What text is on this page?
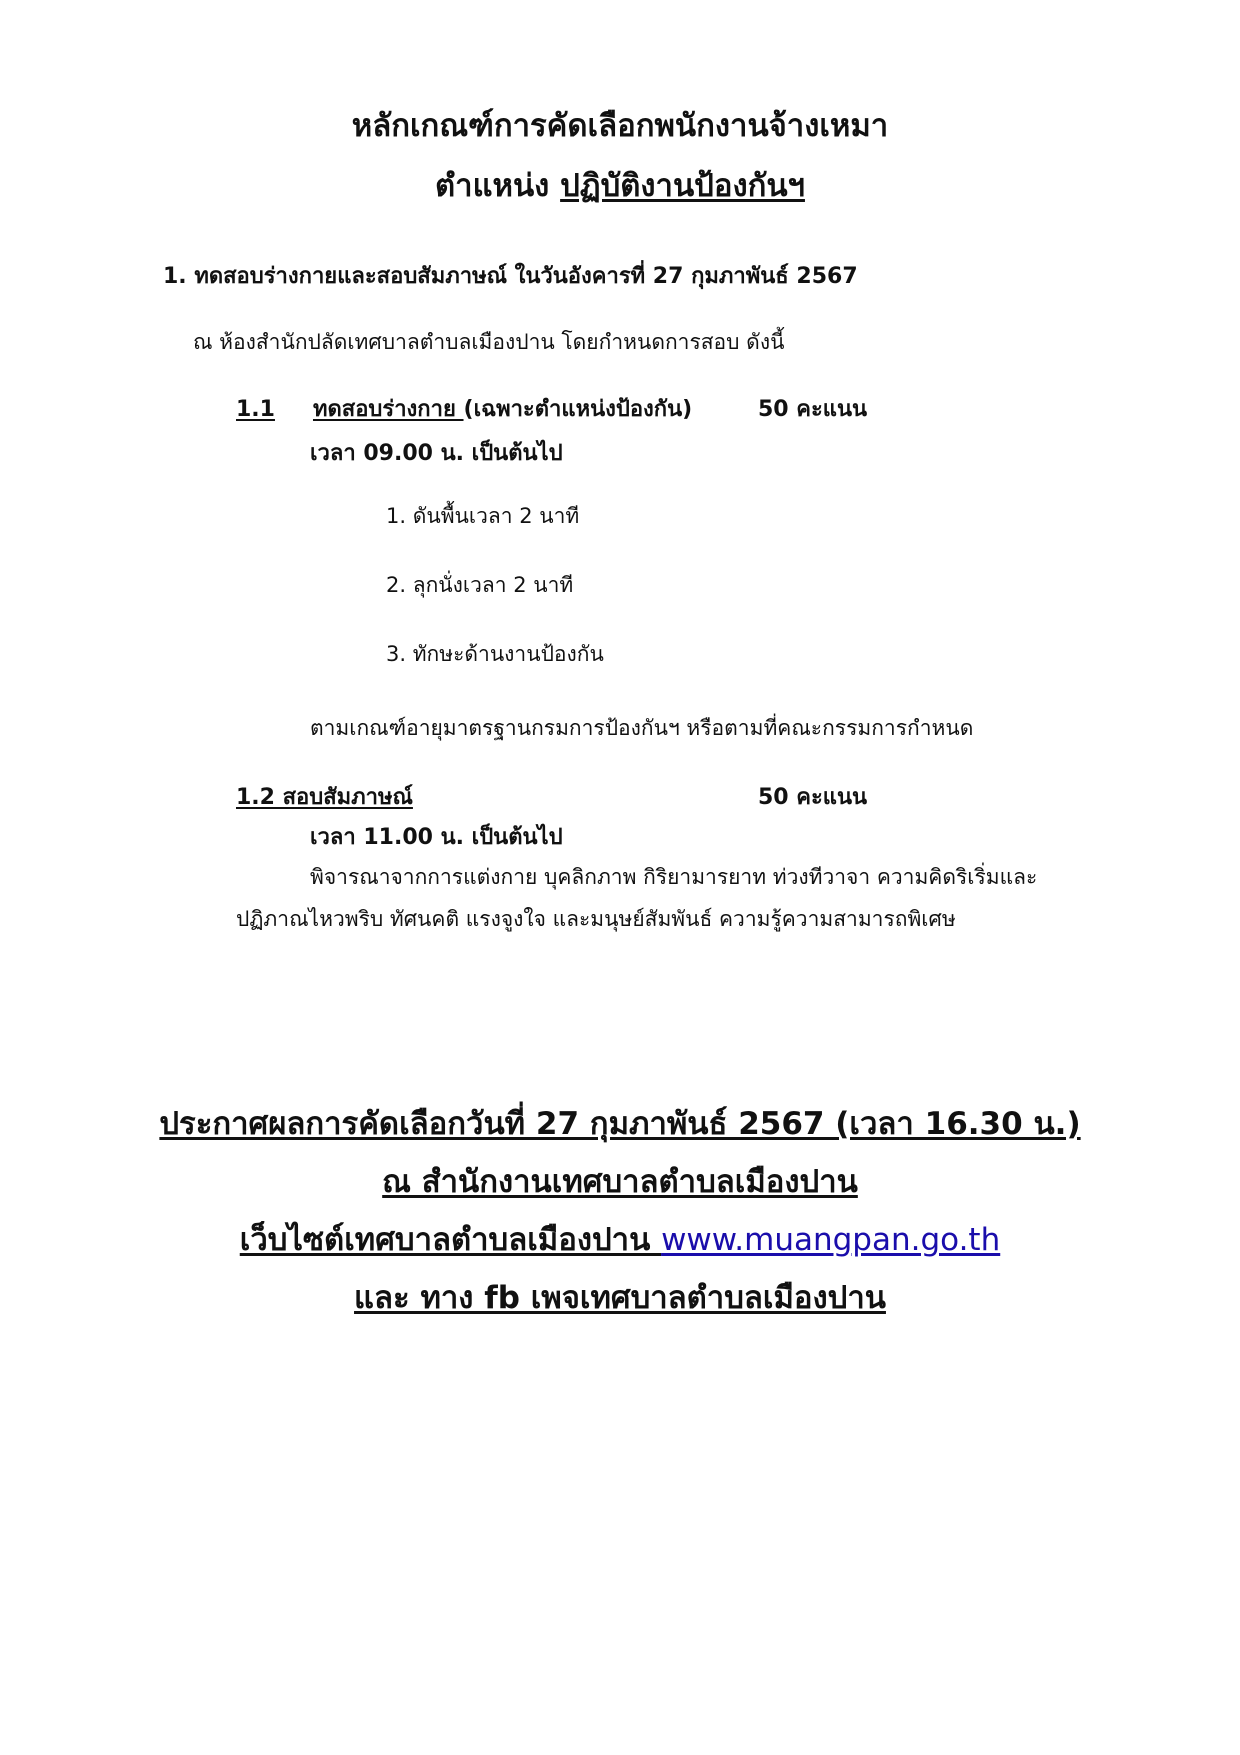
หลักเกณฑ์การคัดเลือกพนักงานจ้างเหมา
ตำแหน่ง ปฏิบัติงานป้องกันฯ
1. ทดสอบร่างกายและสอบสัมภาษณ์ ในวันอังคารที่ 27 กุมภาพันธ์ 2567
ณ ห้องสำนักปลัดเทศบาลตำบลเมืองปาน โดยกำหนดการสอบ ดังนี้
1.1 ทดสอบร่างกาย (เฉพาะตำแหน่งป้องกัน)	50 คะแนน
เวลา 09.00 น. เป็นต้นไป
1. ดันพื้นเวลา 2 นาที
2. ลุกนั่งเวลา 2 นาที
3. ทักษะด้านงานป้องกัน
ตามเกณฑ์อายุมาตรฐานกรมการป้องกันฯ หรือตามที่คณะกรรมการกำหนด
1.2 สอบสัมภาษณ์	50 คะแนน
เวลา 11.00 น. เป็นต้นไป
พิจารณาจากการแต่งกาย บุคลิกภาพ กิริยามารยาท ท่วงทีวาจา ความคิดริเริ่มและ
ปฏิภาณไหวพริบ ทัศนคติ แรงจูงใจ และมนุษย์สัมพันธ์ ความรู้ความสามารถพิเศษ
ประกาศผลการคัดเลือกวันที่ 27 กุมภาพันธ์ 2567 (เวลา 16.30 น.)
ณ สำนักงานเทศบาลตำบลเมืองปาน
เว็บไซต์เทศบาลตำบลเมืองปาน www.muangpan.go.th
และ ทาง fb เพจเทศบาลตำบลเมืองปาน
